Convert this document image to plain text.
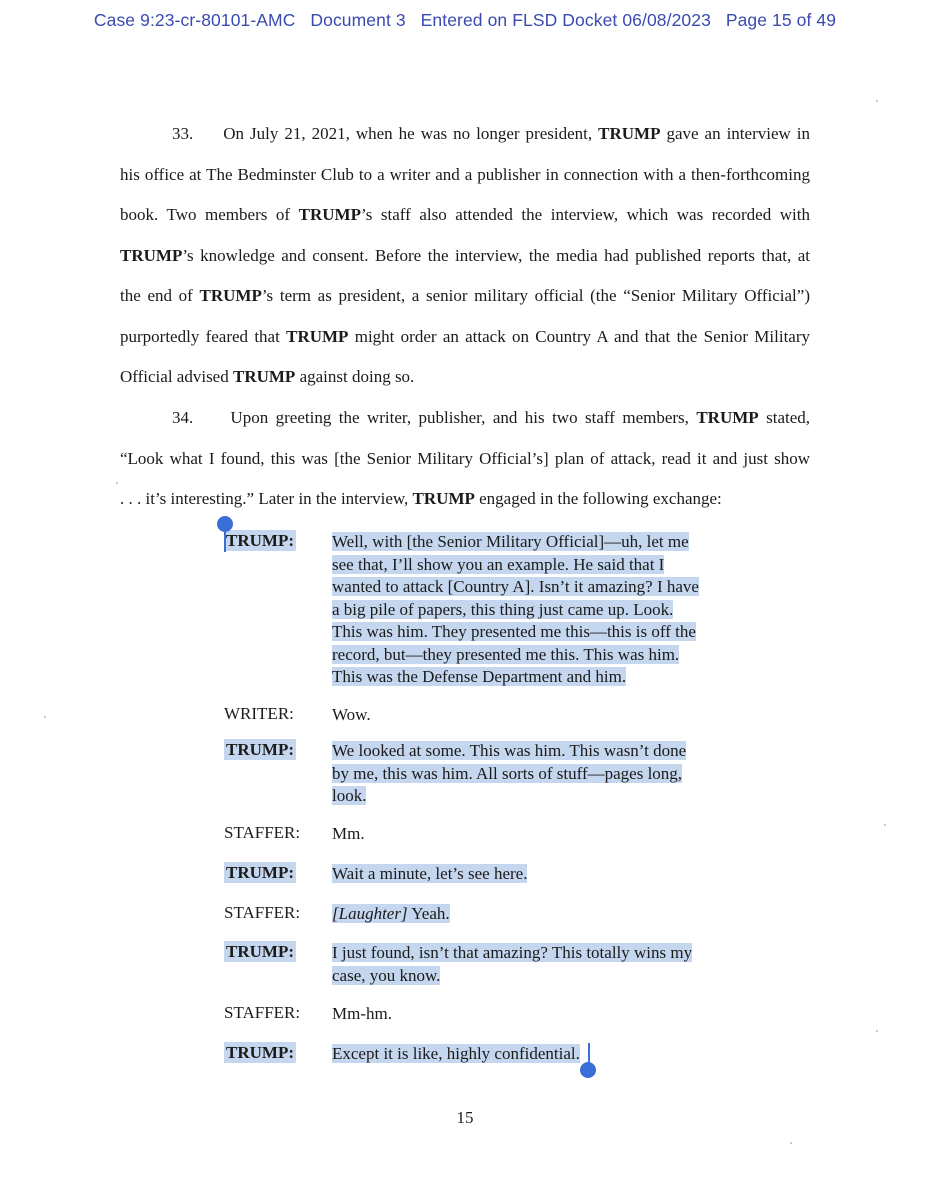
Case 9:23-cr-80101-AMC Document 3 Entered on FLSD Docket 06/08/2023 Page 15 of 49
33. On July 21, 2021, when he was no longer president, TRUMP gave an interview in
his office at The Bedminster Club to a writer and a publisher in connection with a then-forthcoming
book. Two members of TRUMP’s staff also attended the interview, which was recorded with
TRUMP’s knowledge and consent. Before the interview, the media had published reports that, at
the end of TRUMP’s term as president, a senior military official (the “Senior Military Official”)
purportedly feared that TRUMP might order an attack on Country A and that the Senior Military
Official advised TRUMP against doing so.
34. Upon greeting the writer, publisher, and his two staff members, TRUMP stated,
“Look what I found, this was [the Senior Military Official’s] plan of attack, read it and just show
. . . it’s interesting.” Later in the interview, TRUMP engaged in the following exchange:
TRUMP: Well, with [the Senior Military Official]—uh, let me see that, I’ll show you an example. He said that I wanted to attack [Country A]. Isn’t it amazing? I have a big pile of papers, this thing just came up. Look. This was him. They presented me this—this is off the record, but—they presented me this. This was him. This was the Defense Department and him.
WRITER: Wow.
TRUMP: We looked at some. This was him. This wasn’t done by me, this was him. All sorts of stuff—pages long, look.
STAFFER: Mm.
TRUMP: Wait a minute, let’s see here.
STAFFER: [Laughter] Yeah.
TRUMP: I just found, isn’t that amazing? This totally wins my case, you know.
STAFFER: Mm-hm.
TRUMP: Except it is like, highly confidential.
15
